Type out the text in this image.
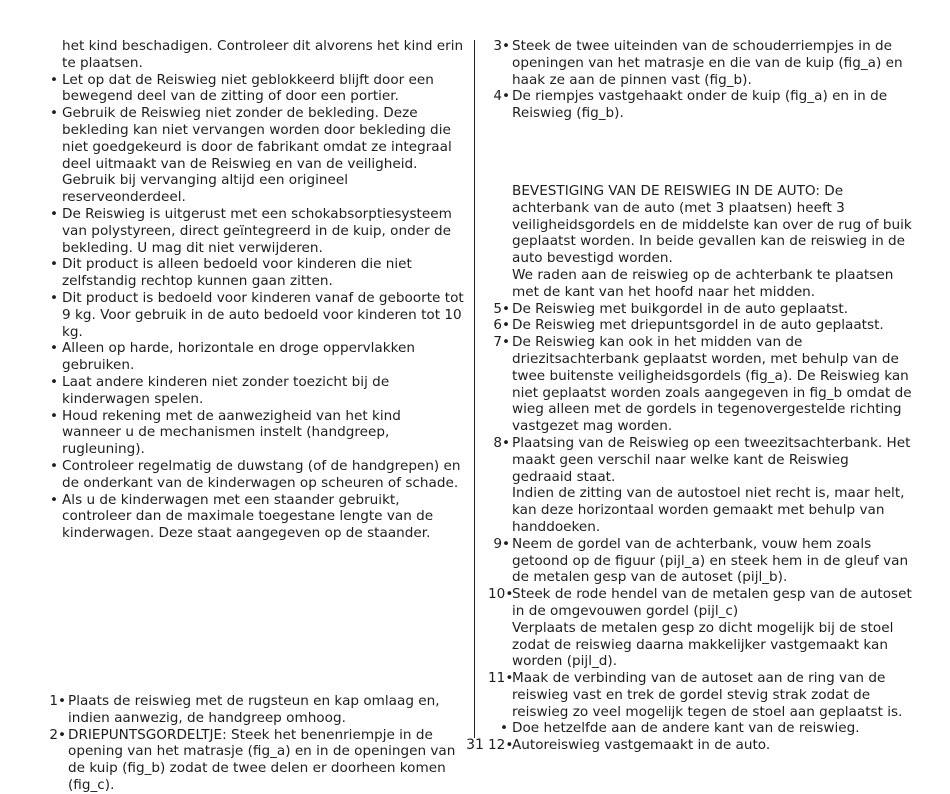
het kind beschadigen. Controleer dit alvorens het kind erin te plaatsen.
• Let op dat de Reiswieg niet geblokkeerd blijft door een bewegend deel van de zitting of door een portier.
• Gebruik de Reiswieg niet zonder de bekleding. Deze bekleding kan niet vervangen worden door bekleding die niet goedgekeurd is door de fabrikant omdat ze integraal deel uitmaakt van de Reiswieg en van de veiligheid. Gebruik bij vervanging altijd een origineel reserveonderdeel.
• De Reiswieg is uitgerust met een schokabsorptiesysteem van polystyreen, direct geïntegreerd in de kuip, onder de bekleding. U mag dit niet verwijderen.
• Dit product is alleen bedoeld voor kinderen die niet zelfstandig rechtop kunnen gaan zitten.
• Dit product is bedoeld voor kinderen vanaf de geboorte tot 9 kg. Voor gebruik in de auto bedoeld voor kinderen tot 10 kg.
• Alleen op harde, horizontale en droge oppervlakken gebruiken.
• Laat andere kinderen niet zonder toezicht bij de kinderwagen spelen.
• Houd rekening met de aanwezigheid van het kind wanneer u de mechanismen instelt (handgreep, rugleuning).
• Controleer regelmatig de duwstang (of de handgrepen) en de onderkant van de kinderwagen op scheuren of schade.
• Als u de kinderwagen met een staander gebruikt, controleer dan de maximale toegestane lengte van de kinderwagen. Deze staat aangegeven op de staander.
1• Plaats de reiswieg met de rugsteun en kap omlaag en, indien aanwezig, de handgreep omhoog.
2• DRIEPUNTSGORDELTJE: Steek het benenriempje in de opening van het matrasje (fig_a) en in de openingen van de kuip (fig_b) zodat de twee delen er doorheen komen (fig_c).
3• Steek de twee uiteinden van de schouderriempjes in de openingen van het matrasje en die van de kuip (fig_a) en haak ze aan de pinnen vast (fig_b).
4• De riempjes vastgehaakt onder de kuip (fig_a) en in de Reiswieg (fig_b).
BEVESTIGING VAN DE REISWIEG IN DE AUTO: De achterbank van de auto (met 3 plaatsen) heeft 3 veiligheidsgordels en de middelste kan over de rug of buik geplaatst worden. In beide gevallen kan de reiswieg in de auto bevestigd worden.
We raden aan de reiswieg op de achterbank te plaatsen met de kant van het hoofd naar het midden.
5• De Reiswieg met buikgordel in de auto geplaatst.
6• De Reiswieg met driepuntsgordel in de auto geplaatst.
7• De Reiswieg kan ook in het midden van de driezitsachterbank geplaatst worden, met behulp van de twee buitenste veiligheidsgordels (fig_a). De Reiswieg kan niet geplaatst worden zoals aangegeven in fig_b omdat de wieg alleen met de gordels in tegenovergestelde richting vastgezet mag worden.
8• Plaatsing van de Reiswieg op een tweezitsachterbank. Het maakt geen verschil naar welke kant de Reiswieg gedraaid staat.
Indien de zitting van de autostoel niet recht is, maar helt, kan deze horizontaal worden gemaakt met behulp van handdoeken.
9• Neem de gordel van de achterbank, vouw hem zoals getoond op de figuur (pijl_a) en steek hem in de gleuf van de metalen gesp van de autoset (pijl_b).
10•
Steek de rode hendel van de metalen gesp van de autoset in de omgevouwen gordel (pijl_c)
Verplaats de metalen gesp zo dicht mogelijk bij de stoel zodat de reiswieg daarna makkelijker vastgemaakt kan worden (pijl_d).
11•
Maak de verbinding van de autoset aan de ring van de reiswieg vast en trek de gordel stevig strak zodat de reiswieg zo veel mogelijk tegen de stoel aan geplaatst is.
• Doe hetzelfde aan de andere kant van de reiswieg.
12•
Autoreiswieg vastgemaakt in de auto.
31
